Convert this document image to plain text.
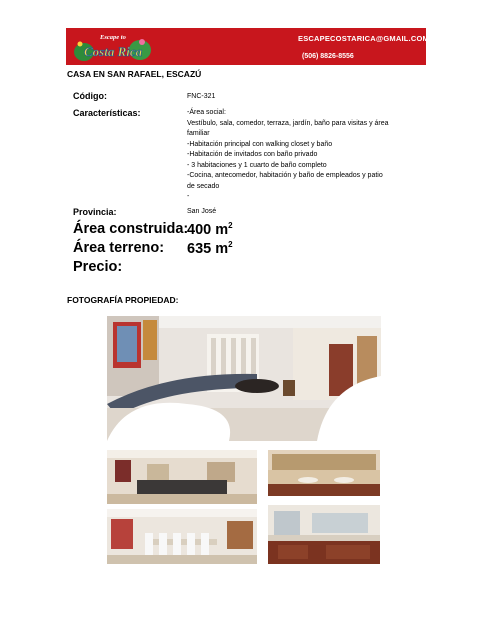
Escape to
Costa Rica
ESCAPECOSTARICA@GMAIL.COM
(506) 8826-8556
CASA EN SAN RAFAEL, ESCAZÚ
Código:	FNC-321
Características:	-Área social:
Vestíbulo, sala, comedor, terraza, jardín, baño para visitas y área
familiar
-Habitación principal con walking closet y baño
-Habitación de invitados con baño privado
- 3 habitaciones y 1 cuarto de baño completo
-Cocina, antecomedor, habitación y baño de empleados y patio
de secado
-
Provincia:	San José
Área construida:
400 $m^2$
Área terreno: 635 $m^2$
Precio:
FOTOGRAFÍA PROPIEDAD:
